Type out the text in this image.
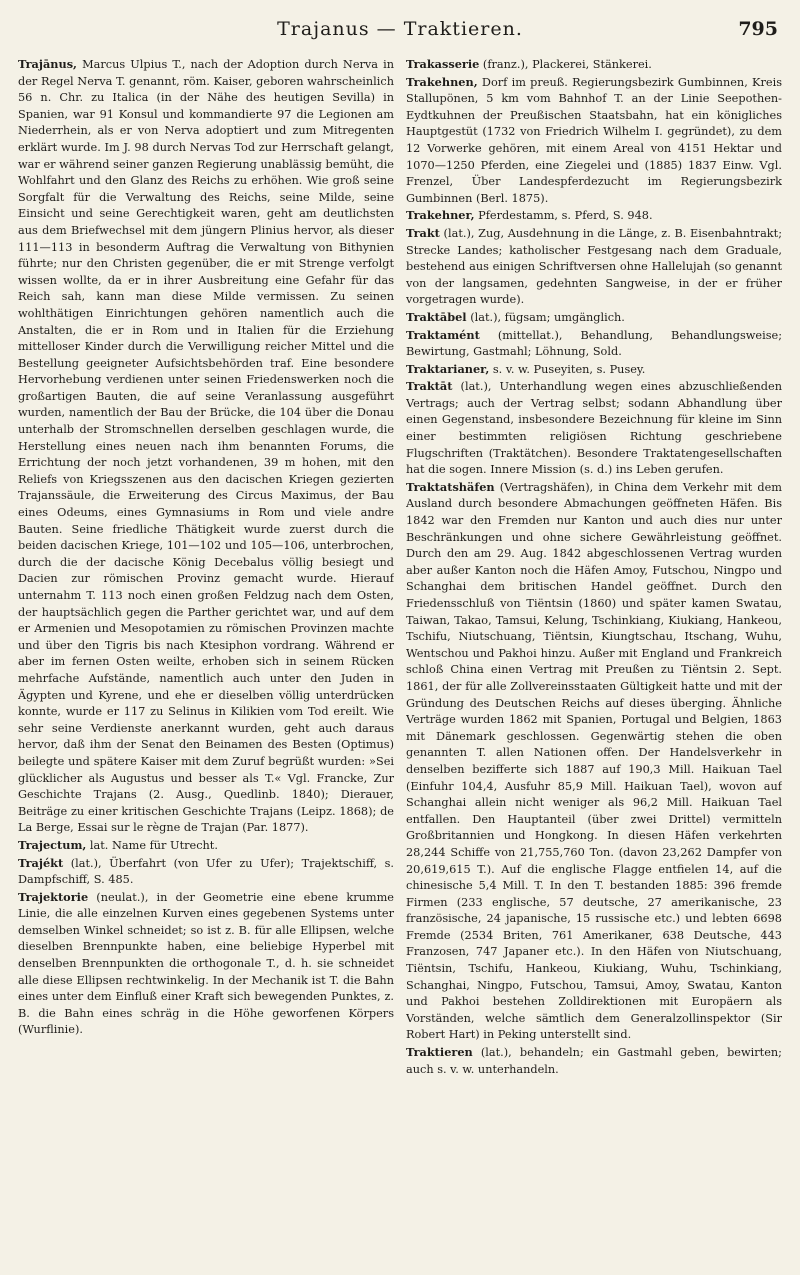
Trajanus — Traktieren.	795

Trajānus, Marcus Ulpius T., nach der Adoption durch Nerva in der Regel Nerva T. genannt, röm. Kaiser, geboren wahrscheinlich 56 n. Chr. zu Italica (in der Nähe des heutigen Sevilla) in Spanien, war 91 Konsul und kommandierte 97 die Legionen am Niederrhein, als er von Nerva adoptiert und zum Mitregenten erklärt wurde. Im J. 98 durch Nervas Tod zur Herrschaft gelangt, war er während seiner ganzen Regierung unablässig bemüht, die Wohlfahrt und den Glanz des Reichs zu erhöhen. Wie groß seine Sorgfalt für die Verwaltung des Reichs, seine Milde, seine Einsicht und seine Gerechtigkeit waren, geht am deutlichsten aus dem Briefwechsel mit dem jüngern Plinius hervor, als dieser 111—113 in besonderm Auftrag die Verwaltung von Bithynien führte; nur den Christen gegenüber, die er mit Strenge verfolgt wissen wollte, da er in ihrer Ausbreitung eine Gefahr für das Reich sah, kann man diese Milde vermissen. Zu seinen wohlthätigen Einrichtungen gehören namentlich auch die Anstalten, die er in Rom und in Italien für die Erziehung mittelloser Kinder durch die Verwilligung reicher Mittel und die Bestellung geeigneter Aufsichtsbehörden traf. Eine besondere Hervorhebung verdienen unter seinen Friedenswerken noch die großartigen Bauten, die auf seine Veranlassung ausgeführt wurden, namentlich der Bau der Brücke, die 104 über die Donau unterhalb der Stromschnellen derselben geschlagen wurde, die Herstellung eines neuen nach ihm benannten Forums, die Errichtung der noch jetzt vorhandenen, 39 m hohen, mit den Reliefs von Kriegsszenen aus den dacischen Kriegen gezierten Trajanssäule, die Erweiterung des Circus Maximus, der Bau eines Odeums, eines Gymnasiums in Rom und viele andre Bauten. Seine friedliche Thätigkeit wurde zuerst durch die beiden dacischen Kriege, 101—102 und 105—106, unterbrochen, durch die der dacische König Decebalus völlig besiegt und Dacien zur römischen Provinz gemacht wurde. Hierauf unternahm T. 113 noch einen großen Feldzug nach dem Osten, der hauptsächlich gegen die Parther gerichtet war, und auf dem er Armenien und Mesopotamien zu römischen Provinzen machte und über den Tigris bis nach Ktesiphon vordrang. Während er aber im fernen Osten weilte, erhoben sich in seinem Rücken mehrfache Aufstände, namentlich auch unter den Juden in Ägypten und Kyrene, und ehe er dieselben völlig unterdrücken konnte, wurde er 117 zu Selinus in Kilikien vom Tod ereilt. Wie sehr seine Verdienste anerkannt wurden, geht auch daraus hervor, daß ihm der Senat den Beinamen des Besten (Optimus) beilegte und spätere Kaiser mit dem Zuruf begrüßt wurden: »Sei glücklicher als Augustus und besser als T.« Vgl. Francke, Zur Geschichte Trajans (2. Ausg., Quedlinb. 1840); Dierauer, Beiträge zu einer kritischen Geschichte Trajans (Leipz. 1868); de La Berge, Essai sur le règne de Trajan (Par. 1877).

Trajectum, lat. Name für Utrecht.

Trajékt (lat.), Überfahrt (von Ufer zu Ufer); Trajektschiff, s. Dampfschiff, S. 485.

Trajektorie (neulat.), in der Geometrie eine ebene krumme Linie, die alle einzelnen Kurven eines gegebenen Systems unter demselben Winkel schneidet; so ist z. B. für alle Ellipsen, welche dieselben Brennpunkte haben, eine beliebige Hyperbel mit denselben Brennpunkten die orthogonale T., d. h. sie schneidet alle diese Ellipsen rechtwinkelig. In der Mechanik ist T. die Bahn eines unter dem Einfluß einer Kraft sich bewegenden Punktes, z. B. die Bahn eines schräg in die Höhe geworfenen Körpers (Wurflinie).

Trakasserie (franz.), Plackerei, Stänkerei.

Trakehnen, Dorf im preuß. Regierungsbezirk Gumbinnen, Kreis Stallupönen, 5 km vom Bahnhof T. an der Linie Seepothen-Eydtkuhnen der Preußischen Staatsbahn, hat ein königliches Hauptgestüt (1732 von Friedrich Wilhelm I. gegründet), zu dem 12 Vorwerke gehören, mit einem Areal von 4151 Hektar und 1070—1250 Pferden, eine Ziegelei und (1885) 1837 Einw. Vgl. Frenzel, Über Landespferdezucht im Regierungsbezirk Gumbinnen (Berl. 1875).

Trakehner, Pferdestamm, s. Pferd, S. 948.

Trakt (lat.), Zug, Ausdehnung in die Länge, z. B. Eisenbahntrakt; Strecke Landes; katholischer Festgesang nach dem Graduale, bestehend aus einigen Schriftversen ohne Hallelujah (so genannt von der langsamen, gedehnten Sangweise, in der er früher vorgetragen wurde).

Traktābel (lat.), fügsam; umgänglich.

Traktamént (mittellat.), Behandlung, Behandlungsweise; Bewirtung, Gastmahl; Löhnung, Sold.

Traktarianer, s. v. w. Puseyiten, s. Pusey.

Traktāt (lat.), Unterhandlung wegen eines abzuschließenden Vertrags; auch der Vertrag selbst; sodann Abhandlung über einen Gegenstand, insbesondere Bezeichnung für kleine im Sinn einer bestimmten religiösen Richtung geschriebene Flugschriften (Traktätchen). Besondere Traktatengesellschaften hat die sogen. Innere Mission (s. d.) ins Leben gerufen.

Traktatshäfen (Vertragshäfen), in China dem Verkehr mit dem Ausland durch besondere Abmachungen geöffneten Häfen. Bis 1842 war den Fremden nur Kanton und auch dies nur unter Beschränkungen und ohne sichere Gewährleistung geöffnet. Durch den am 29. Aug. 1842 abgeschlossenen Vertrag wurden aber außer Kanton noch die Häfen Amoy, Futschou, Ningpo und Schanghai dem britischen Handel geöffnet. Durch den Friedensschluß von Tiëntsin (1860) und später kamen Swatau, Taiwan, Takao, Tamsui, Kelung, Tschinkiang, Kiukiang, Hankeou, Tschifu, Niutschuang, Tiëntsin, Kiungtschau, Itschang, Wuhu, Wentschou und Pakhoi hinzu. Außer mit England und Frankreich schloß China einen Vertrag mit Preußen zu Tiëntsin 2. Sept. 1861, der für alle Zollvereinsstaaten Gültigkeit hatte und mit der Gründung des Deutschen Reichs auf dieses überging. Ähnliche Verträge wurden 1862 mit Spanien, Portugal und Belgien, 1863 mit Dänemark geschlossen. Gegenwärtig stehen die oben genannten T. allen Nationen offen. Der Handelsverkehr in denselben bezifferte sich 1887 auf 190,3 Mill. Haikuan Tael (Einfuhr 104,4, Ausfuhr 85,9 Mill. Haikuan Tael), wovon auf Schanghai allein nicht weniger als 96,2 Mill. Haikuan Tael entfallen. Den Hauptanteil (über zwei Drittel) vermitteln Großbritannien und Hongkong. In diesen Häfen verkehrten 28,244 Schiffe von 21,755,760 Ton. (davon 23,262 Dampfer von 20,619,615 T.). Auf die englische Flagge entfielen 14, auf die chinesische 5,4 Mill. T. In den T. bestanden 1885: 396 fremde Firmen (233 englische, 57 deutsche, 27 amerikanische, 23 französische, 24 japanische, 15 russische etc.) und lebten 6698 Fremde (2534 Briten, 761 Amerikaner, 638 Deutsche, 443 Franzosen, 747 Japaner etc.). In den Häfen von Niutschuang, Tiëntsin, Tschifu, Hankeou, Kiukiang, Wuhu, Tschinkiang, Schanghai, Ningpo, Futschou, Tamsui, Amoy, Swatau, Kanton und Pakhoi bestehen Zolldirektionen mit Europäern als Vorständen, welche sämtlich dem Generalzollinspektor (Sir Robert Hart) in Peking unterstellt sind.

Traktieren (lat.), behandeln; ein Gastmahl geben, bewirten; auch s. v. w. unterhandeln.
